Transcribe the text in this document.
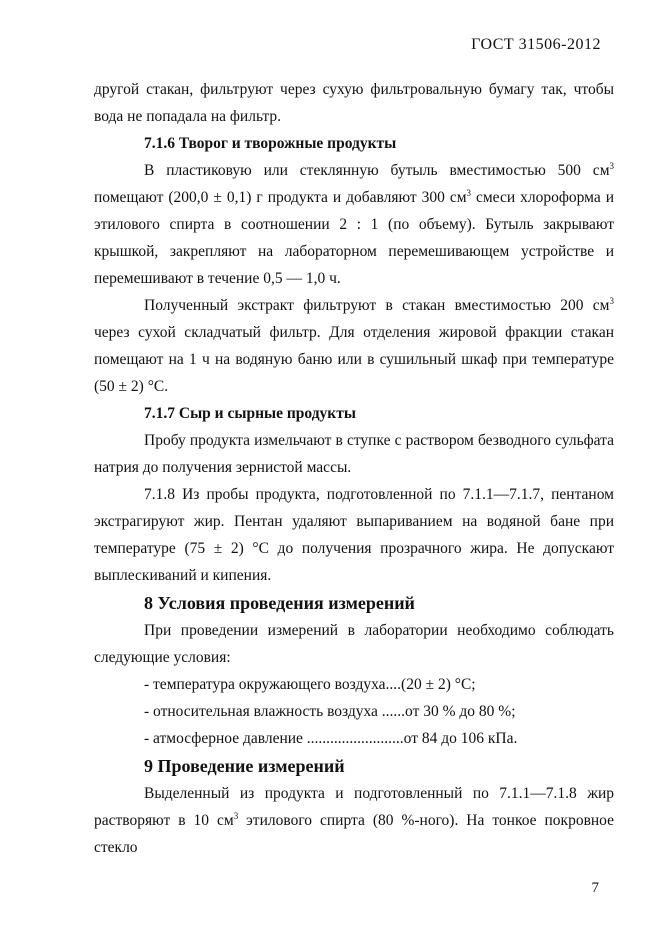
ГОСТ 31506-2012

другой стакан, фильтруют через сухую фильтровальную бумагу так, чтобы вода не попадала на фильтр.

7.1.6 Творог и творожные продукты

В пластиковую или стеклянную бутыль вместимостью 500 $см^3$ помещают (200,0 ± 0,1) г продукта и добавляют 300 $см^3$ смеси хлороформа и этилового спирта в соотношении 2 : 1 (по объему). Бутыль закрывают крышкой, закрепляют на лабораторном перемешивающем устройстве и перемешивают в течение 0,5 — 1,0 ч.

Полученный экстракт фильтруют в стакан вместимостью 200 $см^3$ через сухой складчатый фильтр. Для отделения жировой фракции стакан помещают на 1 ч на водяную баню или в сушильный шкаф при температуре (50 ± 2) °С.

7.1.7 Сыр и сырные продукты

Пробу продукта измельчают в ступке с раствором безводного сульфата натрия до получения зернистой массы.

7.1.8 Из пробы продукта, подготовленной по 7.1.1—7.1.7, пентаном экстрагируют жир. Пентан удаляют выпариванием на водяной бане при температуре (75 ± 2) °С до получения прозрачного жира. Не допускают выплескиваний и кипения.

8 Условия проведения измерений

При проведении измерений в лаборатории необходимо соблюдать следующие условия:

- температура окружающего воздуха....(20 ± 2) °С;

- относительная влажность воздуха ......от 30 % до 80 %;

- атмосферное давление .........................от 84 до 106 кПа.

9 Проведение измерений

Выделенный из продукта и подготовленный по 7.1.1—7.1.8 жир растворяют в 10 $см^3$ этилового спирта (80 %-ного). На тонкое покровное стекло

7
